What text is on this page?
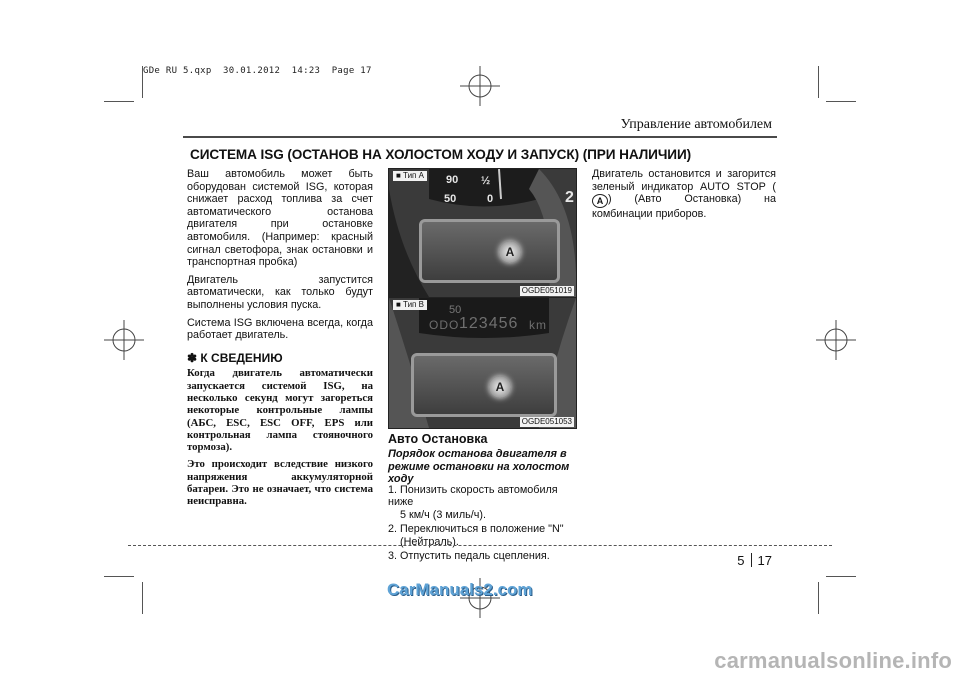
GDe RU 5.qxp  30.01.2012  14:23  Page 17
Управление автомобилем
СИСТЕМА ISG (ОСТАНОВ НА ХОЛОСТОМ ХОДУ И ЗАПУСК) (ПРИ НАЛИЧИИ)

Ваш автомобиль может быть оборудован системой ISG, которая снижает расход топлива за счет автоматического останова двигателя при остановке автомобиля. (Например: красный сигнал светофора, знак остановки и транспортная пробка)

Двигатель запустится автоматически, как только будут выполнены условия пуска.

Система ISG включена всегда, когда работает двигатель.

✽ К СВЕДЕНИЮ

Когда двигатель автоматически запускается системой ISG, на несколько секунд могут загореться некоторые контрольные лампы (АБС, ESC, ESC OFF, EPS или контрольная лампа стояночного тормоза).

Это происходит вследствие низкого напряжения аккумуляторной батареи. Это не означает, что система неисправна.

90
50
½
0	2
A
■ Тип А
OGDE051019
50
ODO 123456 km
A
■ Тип В
OGDE051053
Авто Остановка
Порядок останова двигателя в режиме остановки на холостом ходу
1. Понизить скорость автомобиля ниже
5 км/ч (3 миль/ч).
2. Переключиться в положение "N"
(Нейтраль).
3. Отпустить педаль сцепления.

Двигатель остановится и загорится зеленый индикатор AUTO STOP (A ) (Авто Остановка) на комбинации приборов.

5 17
CarManuals2.com
carmanualsonline.info
